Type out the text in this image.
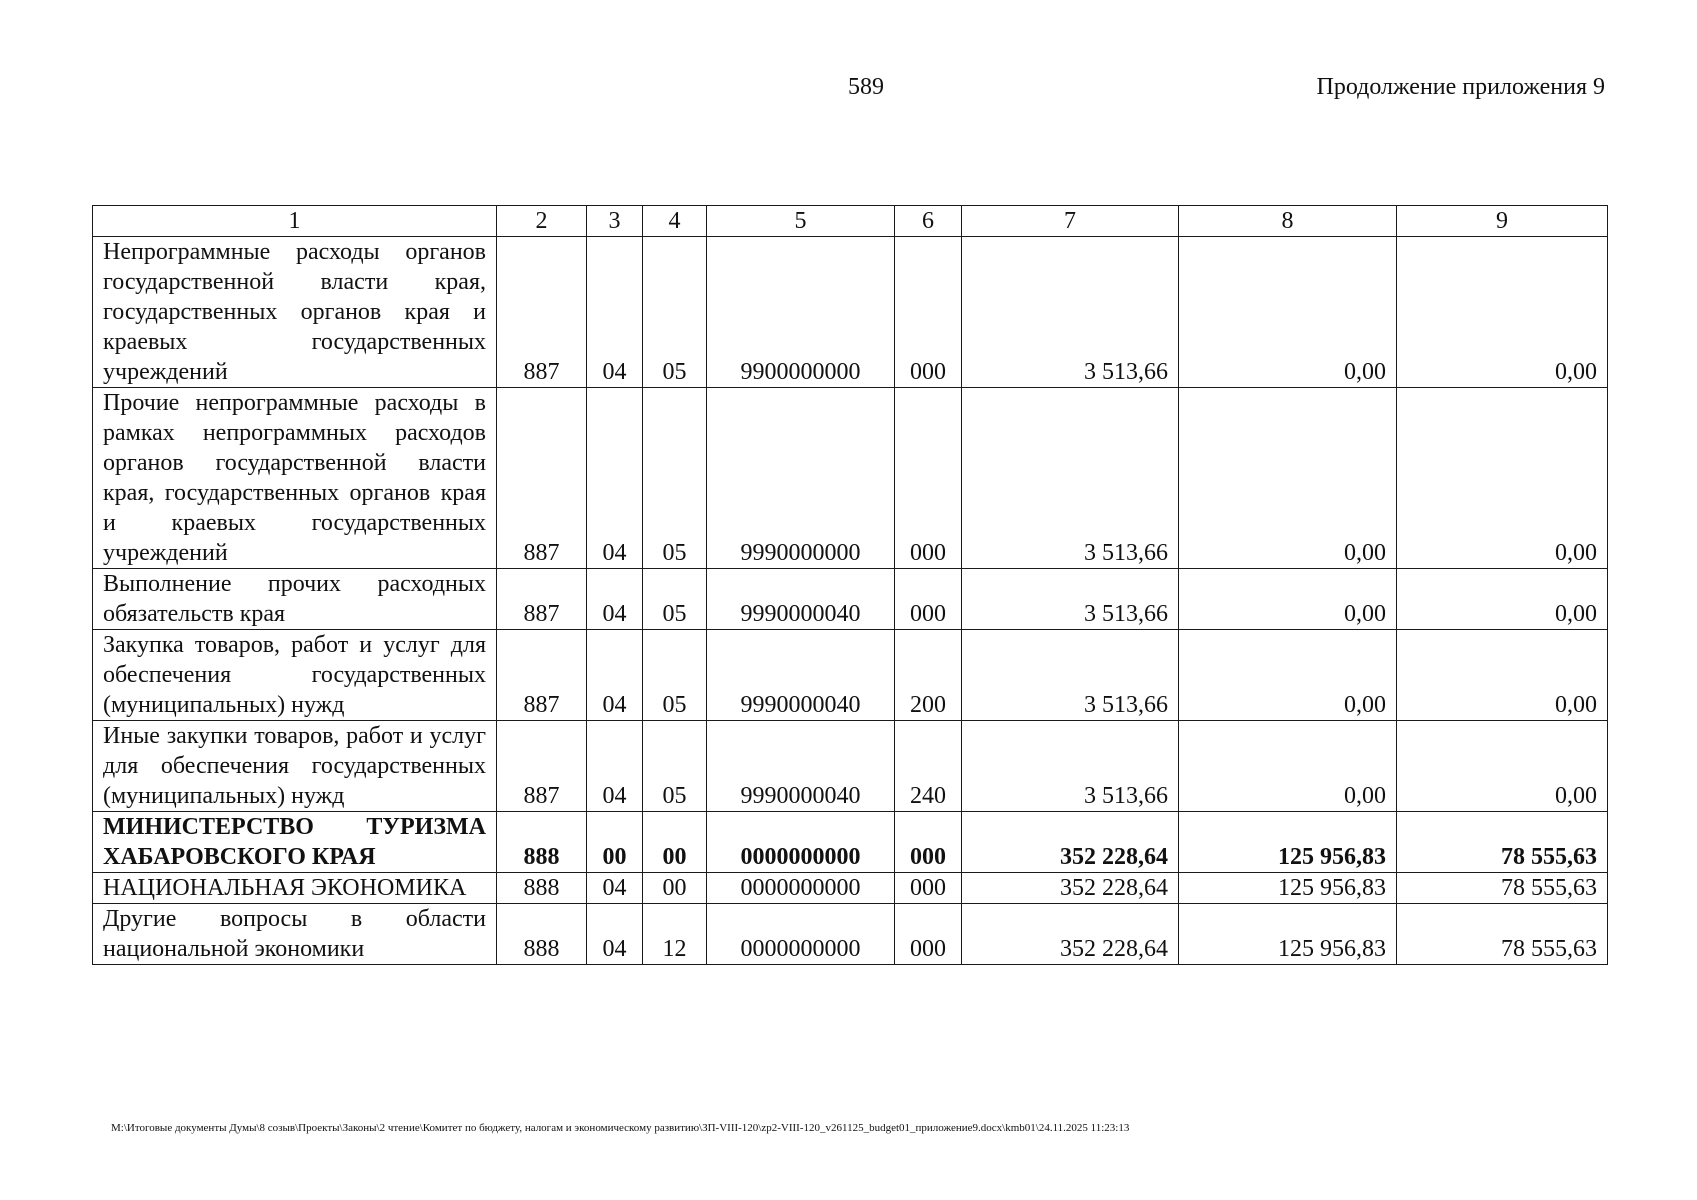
589	Продолжение приложения 9
1	2	3	4	5	6	7	8	9
Непрограммные расходы органов государственной власти края, государственных органов края и краевых государственных учреждений	887	04	05	9900000000	000	3 513,66	0,00	0,00
Прочие непрограммные расходы в рамках непрограммных расходов органов государственной власти края, государственных органов края и краевых государственных учреждений	887	04	05	9990000000	000	3 513,66	0,00	0,00
Выполнение прочих расходных обязательств края	887	04	05	9990000040	000	3 513,66	0,00	0,00
Закупка товаров, работ и услуг для обеспечения государственных (муниципальных) нужд	887	04	05	9990000040	200	3 513,66	0,00	0,00
Иные закупки товаров, работ и услуг для обеспечения государственных (муниципальных) нужд	887	04	05	9990000040	240	3 513,66	0,00	0,00
МИНИСТЕРСТВО ТУРИЗМА ХАБАРОВСКОГО КРАЯ	888	00	00	0000000000	000	352 228,64	125 956,83	78 555,63
НАЦИОНАЛЬНАЯ ЭКОНОМИКА	888	04	00	0000000000	000	352 228,64	125 956,83	78 555,63
Другие вопросы в области национальной экономики	888	04	12	0000000000	000	352 228,64	125 956,83	78 555,63
M:\Итоговые документы Думы\8 созыв\Проекты\Законы\2 чтение\Комитет по бюджету, налогам и экономическому развитию\ЗП-VIII-120\zp2-VIII-120_v261125_budget01_приложение9.docx\kmb01\24.11.2025 11:23:13
